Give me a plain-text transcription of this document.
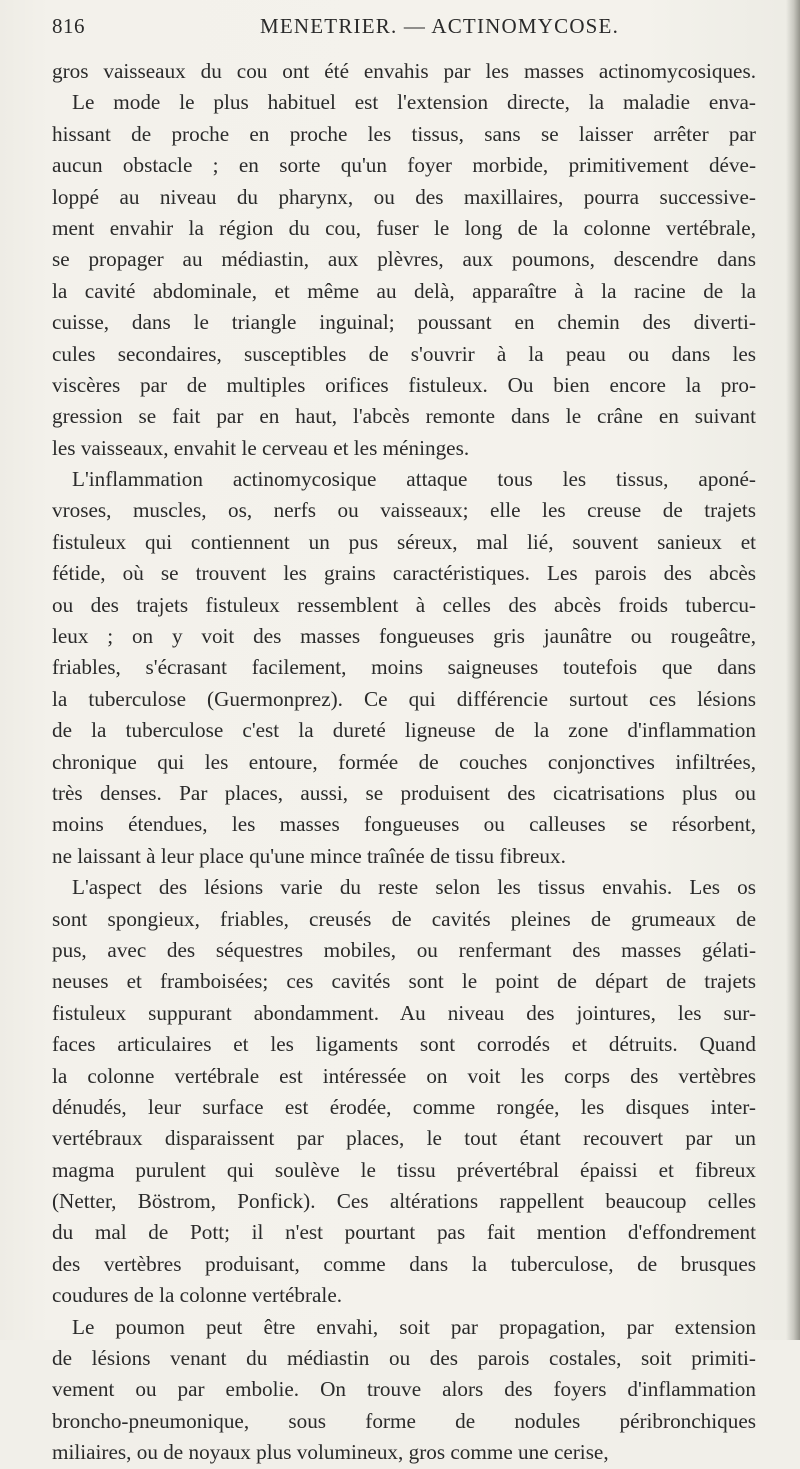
816	MENETRIER. — ACTINOMYCOSE.
gros vaisseaux du cou ont été envahis par les masses actinomycosiques.
Le mode le plus habituel est l'extension directe, la maladie enva-
hissant de proche en proche les tissus, sans se laisser arrêter par
aucun obstacle ; en sorte qu'un foyer morbide, primitivement déve-
loppé au niveau du pharynx, ou des maxillaires, pourra successive-
ment envahir la région du cou, fuser le long de la colonne vertébrale,
se propager au médiastin, aux plèvres, aux poumons, descendre dans
la cavité abdominale, et même au delà, apparaître à la racine de la
cuisse, dans le triangle inguinal; poussant en chemin des diverti-
cules secondaires, susceptibles de s'ouvrir à la peau ou dans les
viscères par de multiples orifices fistuleux. Ou bien encore la pro-
gression se fait par en haut, l'abcès remonte dans le crâne en suivant
les vaisseaux, envahit le cerveau et les méninges.
L'inflammation actinomycosique attaque tous les tissus, aponé-
vroses, muscles, os, nerfs ou vaisseaux; elle les creuse de trajets
fistuleux qui contiennent un pus séreux, mal lié, souvent sanieux et
fétide, où se trouvent les grains caractéristiques. Les parois des abcès
ou des trajets fistuleux ressemblent à celles des abcès froids tubercu-
leux ; on y voit des masses fongueuses gris jaunâtre ou rougeâtre,
friables, s'écrasant facilement, moins saigneuses toutefois que dans
la tuberculose (Guermonprez). Ce qui différencie surtout ces lésions
de la tuberculose c'est la dureté ligneuse de la zone d'inflammation
chronique qui les entoure, formée de couches conjonctives infiltrées,
très denses. Par places, aussi, se produisent des cicatrisations plus ou
moins étendues, les masses fongueuses ou calleuses se résorbent,
ne laissant à leur place qu'une mince traînée de tissu fibreux.
L'aspect des lésions varie du reste selon les tissus envahis. Les os
sont spongieux, friables, creusés de cavités pleines de grumeaux de
pus, avec des séquestres mobiles, ou renfermant des masses gélati-
neuses et framboisées; ces cavités sont le point de départ de trajets
fistuleux suppurant abondamment. Au niveau des jointures, les sur-
faces articulaires et les ligaments sont corrodés et détruits. Quand
la colonne vertébrale est intéressée on voit les corps des vertèbres
dénudés, leur surface est érodée, comme rongée, les disques inter-
vertébraux disparaissent par places, le tout étant recouvert par un
magma purulent qui soulève le tissu prévertébral épaissi et fibreux
(Netter, Böstrom, Ponfick). Ces altérations rappellent beaucoup celles
du mal de Pott; il n'est pourtant pas fait mention d'effondrement
des vertèbres produisant, comme dans la tuberculose, de brusques
coudures de la colonne vertébrale.
Le poumon peut être envahi, soit par propagation, par extension
de lésions venant du médiastin ou des parois costales, soit primiti-
vement ou par embolie. On trouve alors des foyers d'inflammation
broncho-pneumonique, sous forme de nodules péribronchiques
miliaires, ou de noyaux plus volumineux, gros comme une cerise,
